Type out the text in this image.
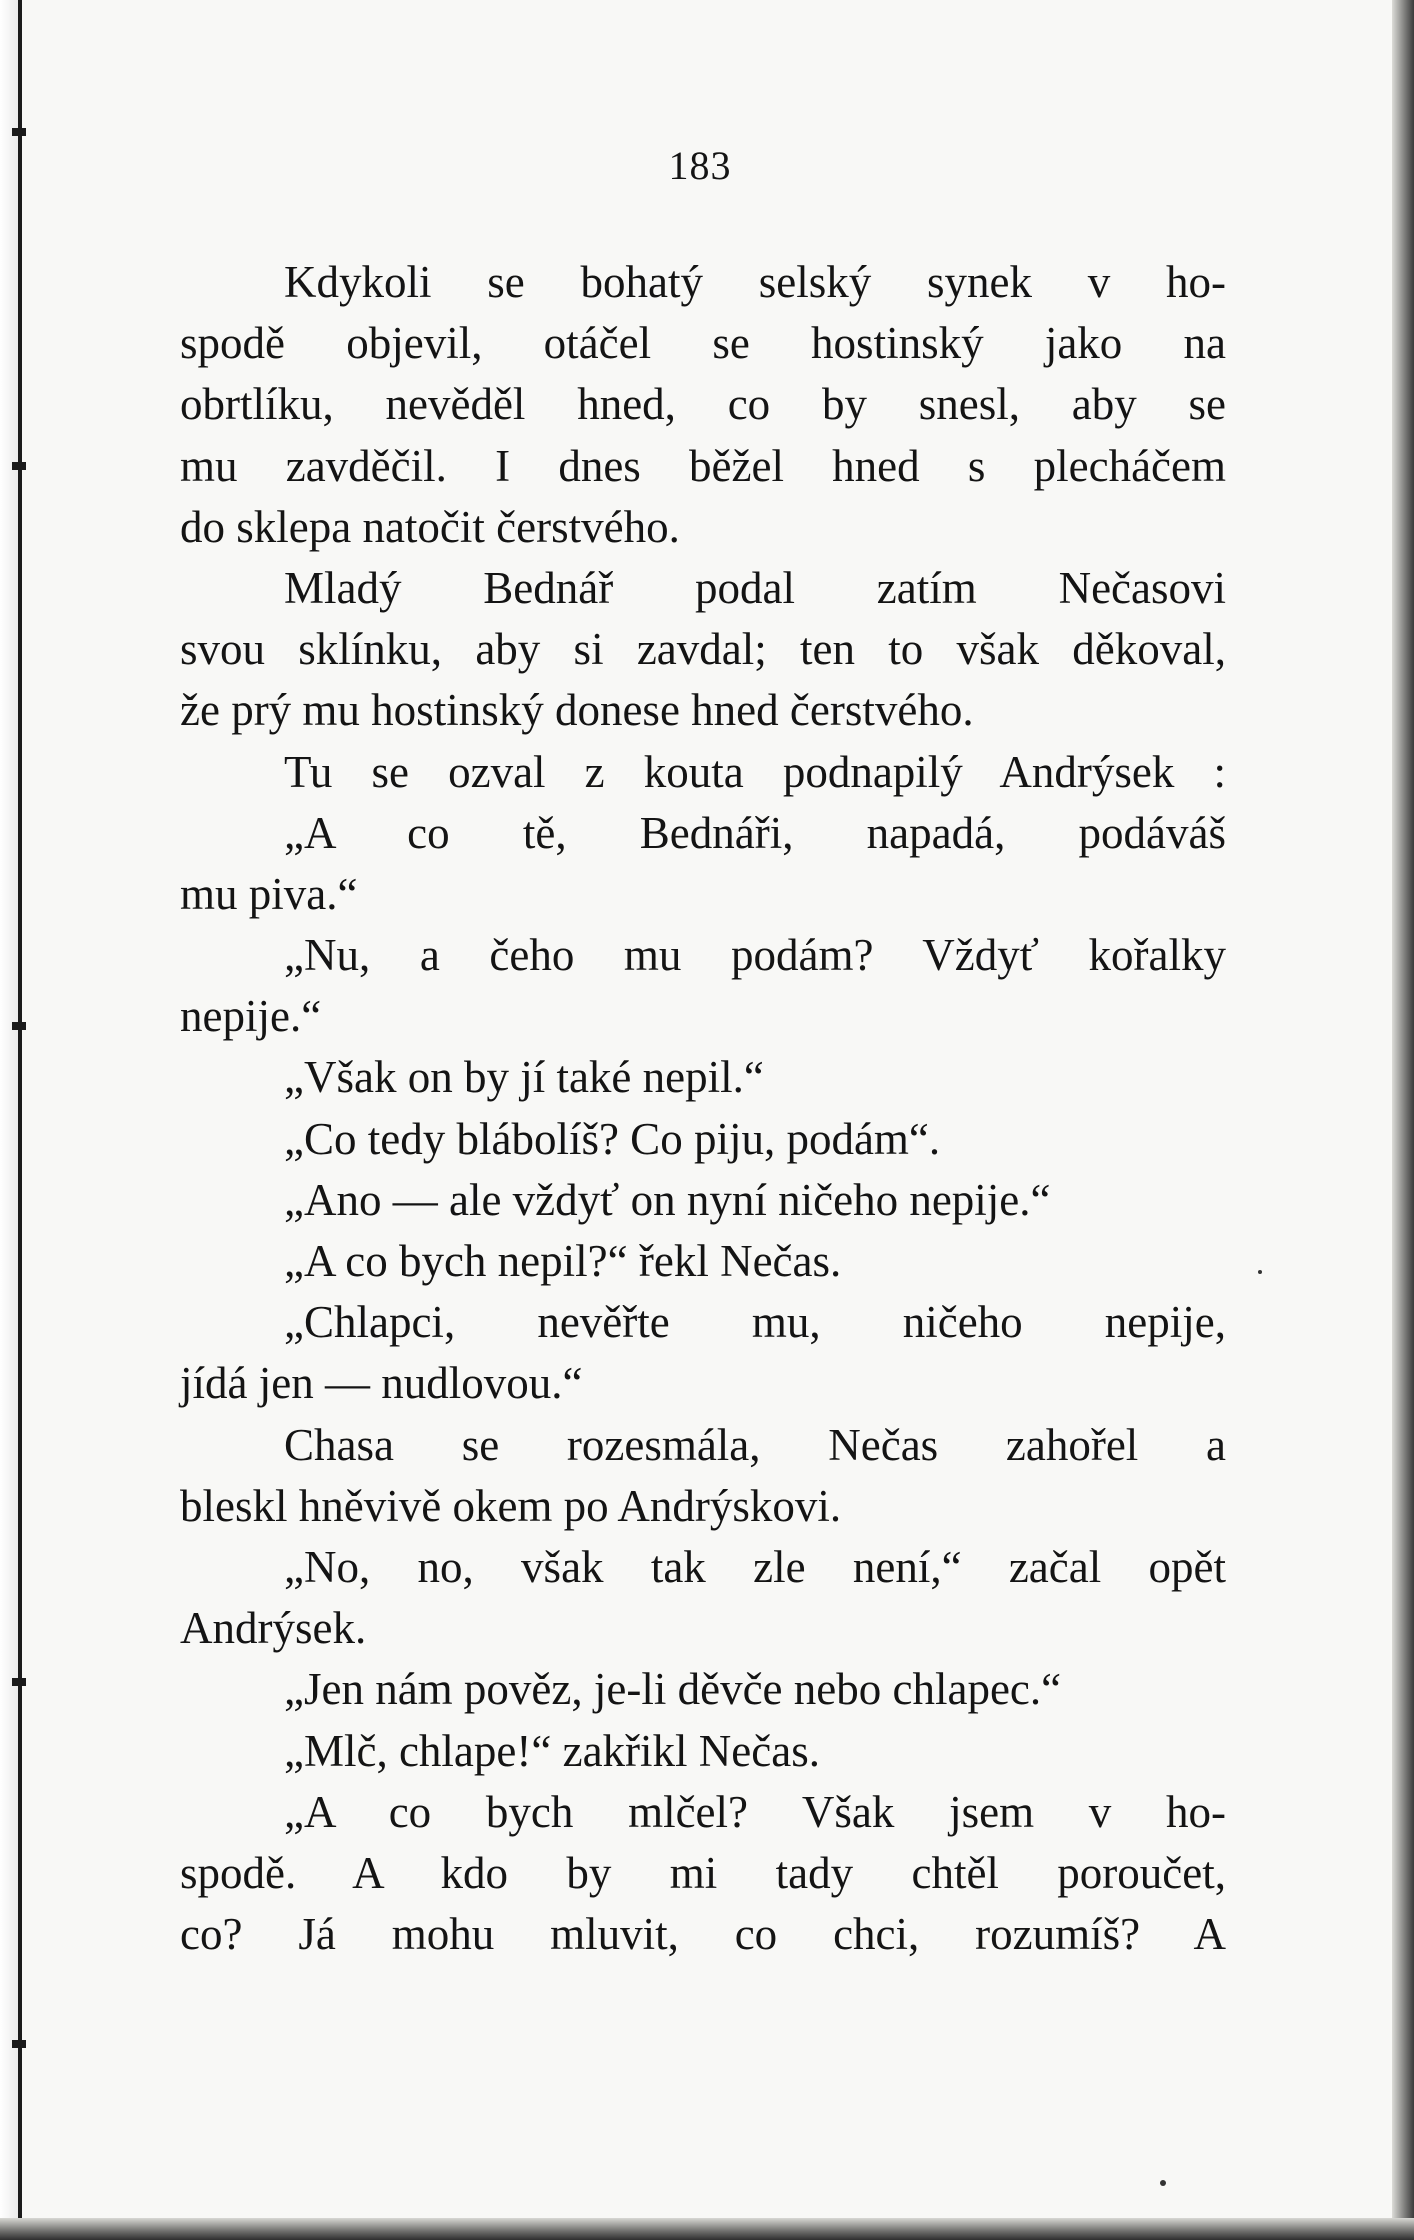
183
Kdykoli se bohatý selský synek v ho-
spodě objevil, otáčel se hostinský jako na
obrtlíku, nevěděl hned, co by snesl, aby se
mu zavděčil. I dnes běžel hned s plecháčem
do sklepa natočit čerstvého.
Mladý Bednář podal zatím Nečasovi
svou sklínku, aby si zavdal; ten to však děkoval,
že prý mu hostinský donese hned čerstvého.
Tu se ozval z kouta podnapilý Andrýsek :
„A co tě, Bednáři, napadá, podáváš
mu piva.“
„Nu, a čeho mu podám? Vždyť kořalky
nepije.“
„Však on by jí také nepil.“
„Co tedy blábolíš? Co piju, podám“.
„Ano — ale vždyť on nyní ničeho nepije.“
„A co bych nepil?“ řekl Nečas.
„Chlapci, nevěřte mu, ničeho nepije,
jídá jen — nudlovou.“
Chasa se rozesmála, Nečas zahořel a
bleskl hněvivě okem po Andrýskovi.
„No, no, však tak zle není,“ začal opět
Andrýsek.
„Jen nám pověz, je-li děvče nebo chlapec.“
„Mlč, chlape!“ zakřikl Nečas.
„A co bych mlčel? Však jsem v ho-
spodě. A kdo by mi tady chtěl poroučet,
co? Já mohu mluvit, co chci, rozumíš? A
